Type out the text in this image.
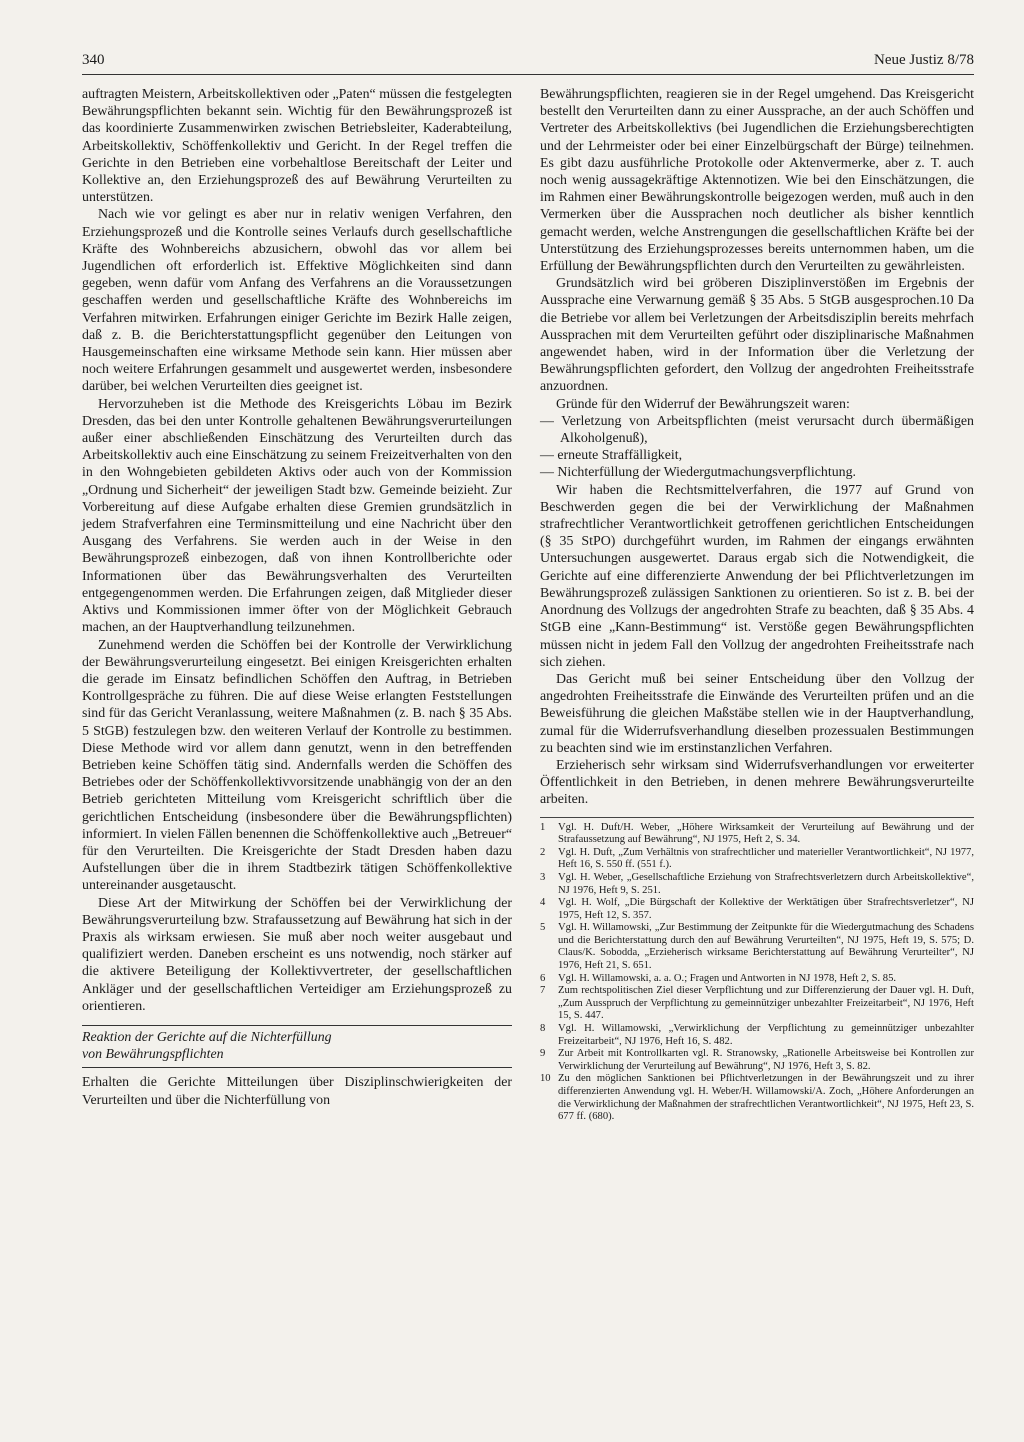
340	Neue Justiz 8/78

auftragten Meistern, Arbeitskollektiven oder „Paten“ müssen die festgelegten Bewährungspflichten bekannt sein. Wichtig für den Bewährungsprozeß ist das koordinierte Zusammenwirken zwischen Betriebsleiter, Kaderabteilung, Arbeitskollektiv, Schöffenkollektiv und Gericht. In der Regel treffen die Gerichte in den Betrieben eine vorbehaltlose Bereitschaft der Leiter und Kollektive an, den Erziehungsprozeß des auf Bewährung Verurteilten zu unterstützen.

Nach wie vor gelingt es aber nur in relativ wenigen Verfahren, den Erziehungsprozeß und die Kontrolle seines Verlaufs durch gesellschaftliche Kräfte des Wohnbereichs abzusichern, obwohl das vor allem bei Jugendlichen oft erforderlich ist. Effektive Möglichkeiten sind dann gegeben, wenn dafür vom Anfang des Verfahrens an die Voraussetzungen geschaffen werden und gesellschaftliche Kräfte des Wohnbereichs im Verfahren mitwirken. Erfahrungen einiger Gerichte im Bezirk Halle zeigen, daß z. B. die Berichterstattungspflicht gegenüber den Leitungen von Hausgemeinschaften eine wirksame Methode sein kann. Hier müssen aber noch weitere Erfahrungen gesammelt und ausgewertet werden, insbesondere darüber, bei welchen Verurteilten dies geeignet ist.

Hervorzuheben ist die Methode des Kreisgerichts Löbau im Bezirk Dresden, das bei den unter Kontrolle gehaltenen Bewährungsverurteilungen außer einer abschließenden Einschätzung des Verurteilten durch das Arbeitskollektiv auch eine Einschätzung zu seinem Freizeitverhalten von den in den Wohngebieten gebildeten Aktivs oder auch von der Kommission „Ordnung und Sicherheit“ der jeweiligen Stadt bzw. Gemeinde beizieht. Zur Vorbereitung auf diese Aufgabe erhalten diese Gremien grundsätzlich in jedem Strafverfahren eine Terminsmitteilung und eine Nachricht über den Ausgang des Verfahrens. Sie werden auch in der Weise in den Bewährungsprozeß einbezogen, daß von ihnen Kontrollberichte oder Informationen über das Bewährungsverhalten des Verurteilten entgegengenommen werden. Die Erfahrungen zeigen, daß Mitglieder dieser Aktivs und Kommissionen immer öfter von der Möglichkeit Gebrauch machen, an der Hauptverhandlung teilzunehmen.

Zunehmend werden die Schöffen bei der Kontrolle der Verwirklichung der Bewährungsverurteilung eingesetzt. Bei einigen Kreisgerichten erhalten die gerade im Einsatz befindlichen Schöffen den Auftrag, in Betrieben Kontrollgespräche zu führen. Die auf diese Weise erlangten Feststellungen sind für das Gericht Veranlassung, weitere Maßnahmen (z. B. nach § 35 Abs. 5 StGB) festzulegen bzw. den weiteren Verlauf der Kontrolle zu bestimmen. Diese Methode wird vor allem dann genutzt, wenn in den betreffenden Betrieben keine Schöffen tätig sind. Andernfalls werden die Schöffen des Betriebes oder der Schöffenkollektivvorsitzende unabhängig von der an den Betrieb gerichteten Mitteilung vom Kreisgericht schriftlich über die gerichtlichen Entscheidung (insbesondere über die Bewährungspflichten) informiert. In vielen Fällen benennen die Schöffenkollektive auch „Betreuer“ für den Verurteilten. Die Kreisgerichte der Stadt Dresden haben dazu Aufstellungen über die in ihrem Stadtbezirk tätigen Schöffenkollektive untereinander ausgetauscht.

Diese Art der Mitwirkung der Schöffen bei der Verwirklichung der Bewährungsverurteilung bzw. Strafaussetzung auf Bewährung hat sich in der Praxis als wirksam erwiesen. Sie muß aber noch weiter ausgebaut und qualifiziert werden. Daneben erscheint es uns notwendig, noch stärker auf die aktivere Beteiligung der Kollektivvertreter, der gesellschaftlichen Ankläger und der gesellschaftlichen Verteidiger am Erziehungsprozeß zu orientieren.

Reaktion der Gerichte auf die Nichterfüllung
von Bewährungspflichten

Erhalten die Gerichte Mitteilungen über Disziplinschwierigkeiten der Verurteilten und über die Nichterfüllung von

Bewährungspflichten, reagieren sie in der Regel umgehend. Das Kreisgericht bestellt den Verurteilten dann zu einer Aussprache, an der auch Schöffen und Vertreter des Arbeitskollektivs (bei Jugendlichen die Erziehungsberechtigten und der Lehrmeister oder bei einer Einzelbürgschaft der Bürge) teilnehmen. Es gibt dazu ausführliche Protokolle oder Aktenvermerke, aber z. T. auch noch wenig aussagekräftige Aktennotizen. Wie bei den Einschätzungen, die im Rahmen einer Bewährungskontrolle beigezogen werden, muß auch in den Vermerken über die Aussprachen noch deutlicher als bisher kenntlich gemacht werden, welche Anstrengungen die gesellschaftlichen Kräfte bei der Unterstützung des Erziehungsprozesses bereits unternommen haben, um die Erfüllung der Bewährungspflichten durch den Verurteilten zu gewährleisten.

Grundsätzlich wird bei gröberen Disziplinverstößen im Ergebnis der Aussprache eine Verwarnung gemäß § 35 Abs. 5 StGB ausgesprochen.10 Da die Betriebe vor allem bei Verletzungen der Arbeitsdisziplin bereits mehrfach Aussprachen mit dem Verurteilten geführt oder disziplinarische Maßnahmen angewendet haben, wird in der Information über die Verletzung der Bewährungspflichten gefordert, den Vollzug der angedrohten Freiheitsstrafe anzuordnen.

Gründe für den Widerruf der Bewährungszeit waren:

— Verletzung von Arbeitspflichten (meist verursacht durch übermäßigen Alkoholgenuß),

— erneute Straffälligkeit,

— Nichterfüllung der Wiedergutmachungsverpflichtung.

Wir haben die Rechtsmittelverfahren, die 1977 auf Grund von Beschwerden gegen die bei der Verwirklichung der Maßnahmen strafrechtlicher Verantwortlichkeit getroffenen gerichtlichen Entscheidungen (§ 35 StPO) durchgeführt wurden, im Rahmen der eingangs erwähnten Untersuchungen ausgewertet. Daraus ergab sich die Notwendigkeit, die Gerichte auf eine differenzierte Anwendung der bei Pflichtverletzungen im Bewährungsprozeß zulässigen Sanktionen zu orientieren. So ist z. B. bei der Anordnung des Vollzugs der angedrohten Strafe zu beachten, daß § 35 Abs. 4 StGB eine „Kann-Bestimmung“ ist. Verstöße gegen Bewährungspflichten müssen nicht in jedem Fall den Vollzug der angedrohten Freiheitsstrafe nach sich ziehen.

Das Gericht muß bei seiner Entscheidung über den Vollzug der angedrohten Freiheitsstrafe die Einwände des Verurteilten prüfen und an die Beweisführung die gleichen Maßstäbe stellen wie in der Hauptverhandlung, zumal für die Widerrufsverhandlung dieselben prozessualen Bestimmungen zu beachten sind wie im erstinstanzlichen Verfahren.

Erzieherisch sehr wirksam sind Widerrufsverhandlungen vor erweiterter Öffentlichkeit in den Betrieben, in denen mehrere Bewährungsverurteilte arbeiten.

1	Vgl. H. Duft/H. Weber, „Höhere Wirksamkeit der Verurteilung auf Bewährung und der Strafaussetzung auf Bewährung“, NJ 1975, Heft 2, S. 34.
2	Vgl. H. Duft, „Zum Verhältnis von strafrechtlicher und materieller Verantwortlichkeit“, NJ 1977, Heft 16, S. 550 ff. (551 f.).
3	Vgl. H. Weber, „Gesellschaftliche Erziehung von Strafrechtsverletzern durch Arbeitskollektive“, NJ 1976, Heft 9, S. 251.
4	Vgl. H. Wolf, „Die Bürgschaft der Kollektive der Werktätigen über Strafrechtsverletzer“, NJ 1975, Heft 12, S. 357.
5	Vgl. H. Willamowski, „Zur Bestimmung der Zeitpunkte für die Wiedergutmachung des Schadens und die Berichterstattung durch den auf Bewährung Verurteilten“, NJ 1975, Heft 19, S. 575; D. Claus/K. Sobodda, „Erzieherisch wirksame Berichterstattung auf Bewährung Verurteilter“, NJ 1976, Heft 21, S. 651.
6	Vgl. H. Willamowski, a. a. O.; Fragen und Antworten in NJ 1978, Heft 2, S. 85.
7	Zum rechtspolitischen Ziel dieser Verpflichtung und zur Differenzierung der Dauer vgl. H. Duft, „Zum Ausspruch der Verpflichtung zu gemeinnütziger unbezahlter Freizeitarbeit“, NJ 1976, Heft 15, S. 447.
8	Vgl. H. Willamowski, „Verwirklichung der Verpflichtung zu gemeinnütziger unbezahlter Freizeitarbeit“, NJ 1976, Heft 16, S. 482.
9	Zur Arbeit mit Kontrollkarten vgl. R. Stranowsky, „Rationelle Arbeitsweise bei Kontrollen zur Verwirklichung der Verurteilung auf Bewährung“, NJ 1976, Heft 3, S. 82.
10 Zu den möglichen Sanktionen bei Pflichtverletzungen in der Bewährungszeit und zu ihrer differenzierten Anwendung vgl. H. Weber/H. Willamowski/A. Zoch, „Höhere Anforderungen an die Verwirklichung der Maßnahmen der strafrechtlichen Verantwortlichkeit“, NJ 1975, Heft 23, S. 677 ff. (680).
